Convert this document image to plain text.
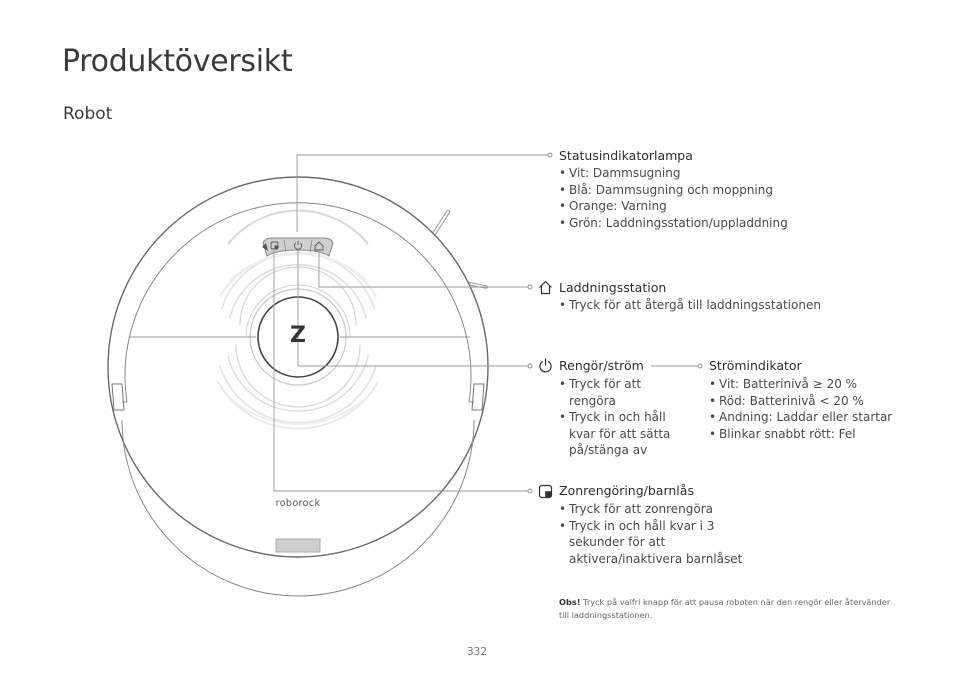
Produktöversikt
Robot
Z
roborock
Statusindikatorlampa
• Vit: Dammsugning
• Blå: Dammsugning och moppning
• Orange: Varning
• Grön: Laddningsstation/uppladdning
Laddningsstation
• Tryck för att återgå till laddningsstationen
Rengör/ström
• Tryck för att rengöra
• Tryck in och håll kvar för att sätta på/stänga av
Strömindikator
• Vit: Batterinivå ≥ 20 %
• Röd: Batterinivå < 20 %
• Andning: Laddar eller startar
• Blinkar snabbt rött: Fel
Zonrengöring/barnlås
• Tryck för att zonrengöra
• Tryck in och håll kvar i 3 sekunder för att aktivera/inaktivera barnlåset
Obs! Tryck på valfri knapp för att pausa roboten när den rengör eller återvänder till laddningsstationen.
332
